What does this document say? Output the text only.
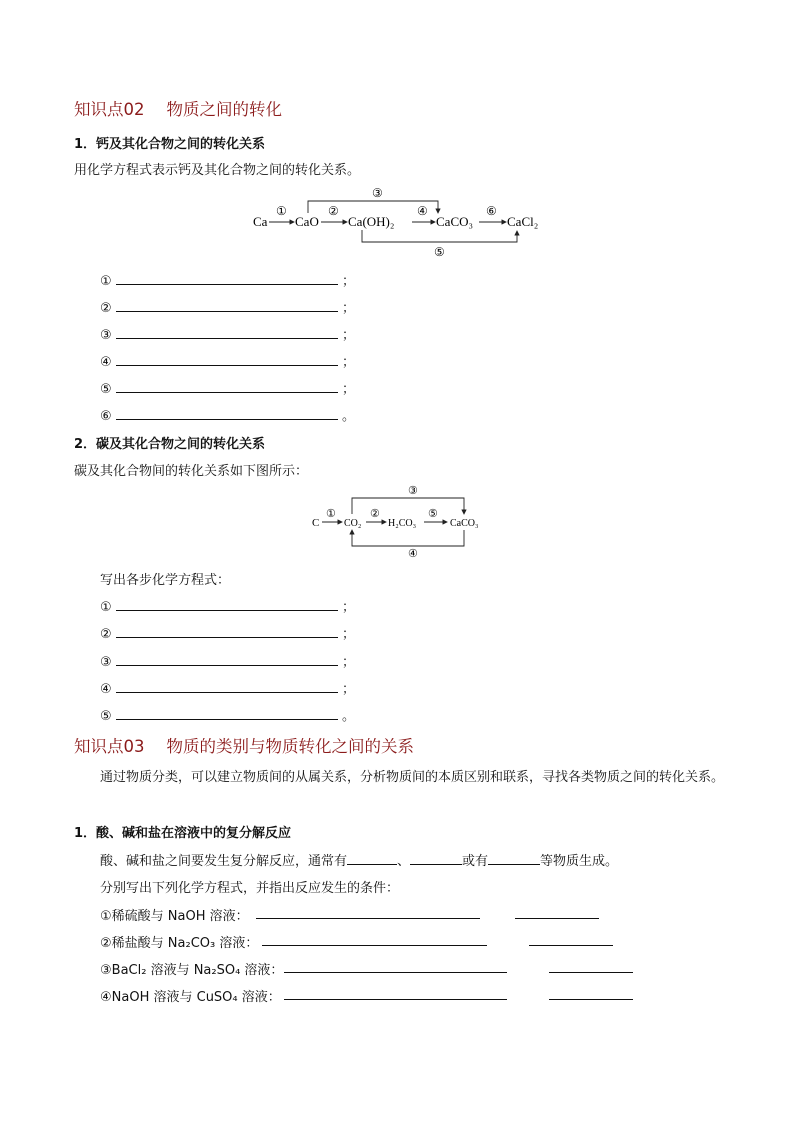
知识点02 物质之间的转化
1．钙及其化合物之间的转化关系
用化学方程式表示钙及其化合物之间的转化关系。
Ca CaO Ca(OH)₂	CaCO₃	CaCl₂
①	②
③
④	⑥
⑤
①	；
②	；
③	；
④	；
⑤	；
⑥	。
2．碳及其化合物之间的转化关系
碳及其化合物间的转化关系如下图所示：
C CO₂	H₂CO₃	CaCO₃
①	②	⑤
③
④
写出各步化学方程式：
①	；
②	；
③	；
④	；
⑤	。
知识点03 物质的类别与物质转化之间的关系
通过物质分类，可以建立物质间的从属关系，分析物质间的本质区别和联系，寻找各类物质之间的转化关系。
1．酸、碱和盐在溶液中的复分解反应
酸、碱和盐之间要发生复分解反应，通常有	、	或有	等物质生成。
分别写出下列化学方程式，并指出反应发生的条件：
①稀硫酸与 NaOH 溶液：
②稀盐酸与 Na₂CO₃ 溶液：
③BaCl₂ 溶液与 Na₂SO₄ 溶液：
④NaOH 溶液与 CuSO₄ 溶液：
